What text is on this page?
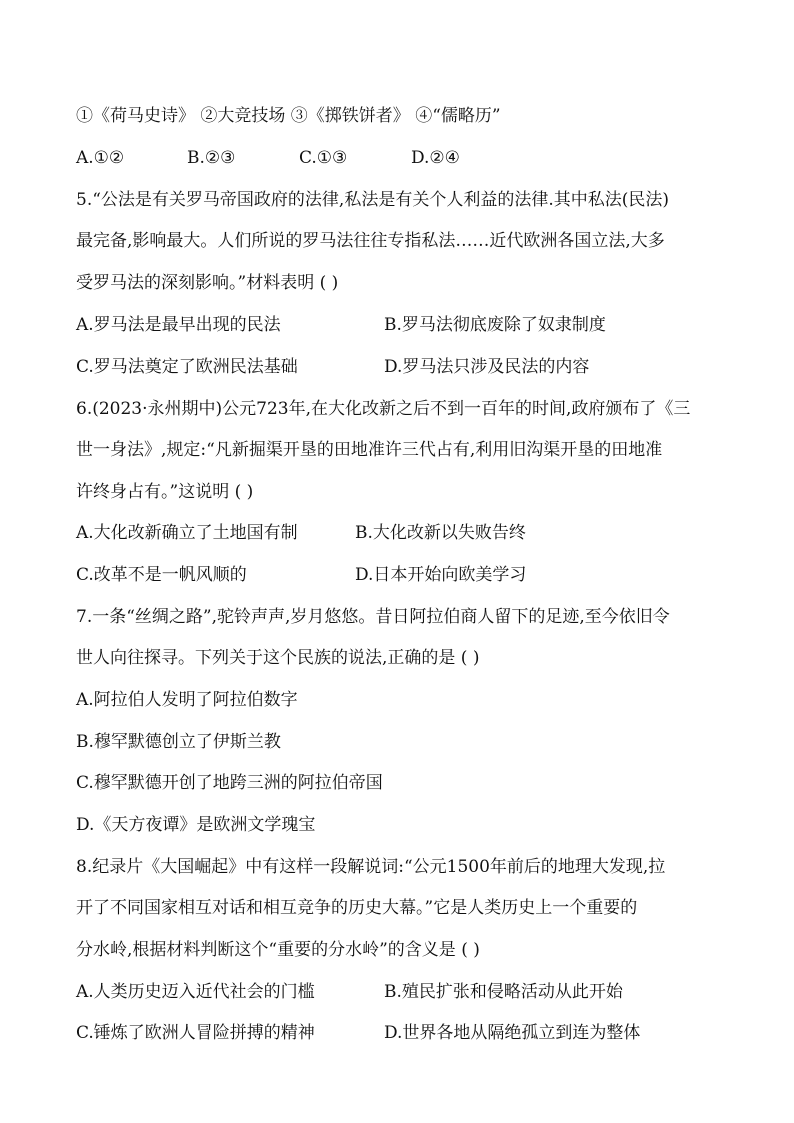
①《荷马史诗》 ②大竞技场 ③《掷铁饼者》 ④“儒略历”
A.①②	B.②③	C.①③	D.②④
5.“公法是有关罗马帝国政府的法律,私法是有关个人利益的法律.其中私法(民法)
最完备,影响最大。人们所说的罗马法往往专指私法……近代欧洲各国立法,大多
受罗马法的深刻影响。”材料表明 ( )
A.罗马法是最早出现的民法	B.罗马法彻底废除了奴隶制度
C.罗马法奠定了欧洲民法基础	D.罗马法只涉及民法的内容
6.(2023·永州期中)公元723年,在大化改新之后不到一百年的时间,政府颁布了《三
世一身法》,规定:“凡新掘渠开垦的田地准许三代占有,利用旧沟渠开垦的田地准
许终身占有。”这说明 ( )
A.大化改新确立了土地国有制	B.大化改新以失败告终
C.改革不是一帆风顺的	D.日本开始向欧美学习
7.一条“丝绸之路”,驼铃声声,岁月悠悠。昔日阿拉伯商人留下的足迹,至今依旧令
世人向往探寻。下列关于这个民族的说法,正确的是 ( )
A.阿拉伯人发明了阿拉伯数字
B.穆罕默德创立了伊斯兰教
C.穆罕默德开创了地跨三洲的阿拉伯帝国
D.《天方夜谭》是欧洲文学瑰宝
8.纪录片《大国崛起》中有这样一段解说词:“公元1500年前后的地理大发现,拉
开了不同国家相互对话和相互竞争的历史大幕。”它是人类历史上一个重要的
分水岭,根据材料判断这个“重要的分水岭”的含义是 ( )
A.人类历史迈入近代社会的门槛	B.殖民扩张和侵略活动从此开始
C.锤炼了欧洲人冒险拼搏的精神	D.世界各地从隔绝孤立到连为整体
